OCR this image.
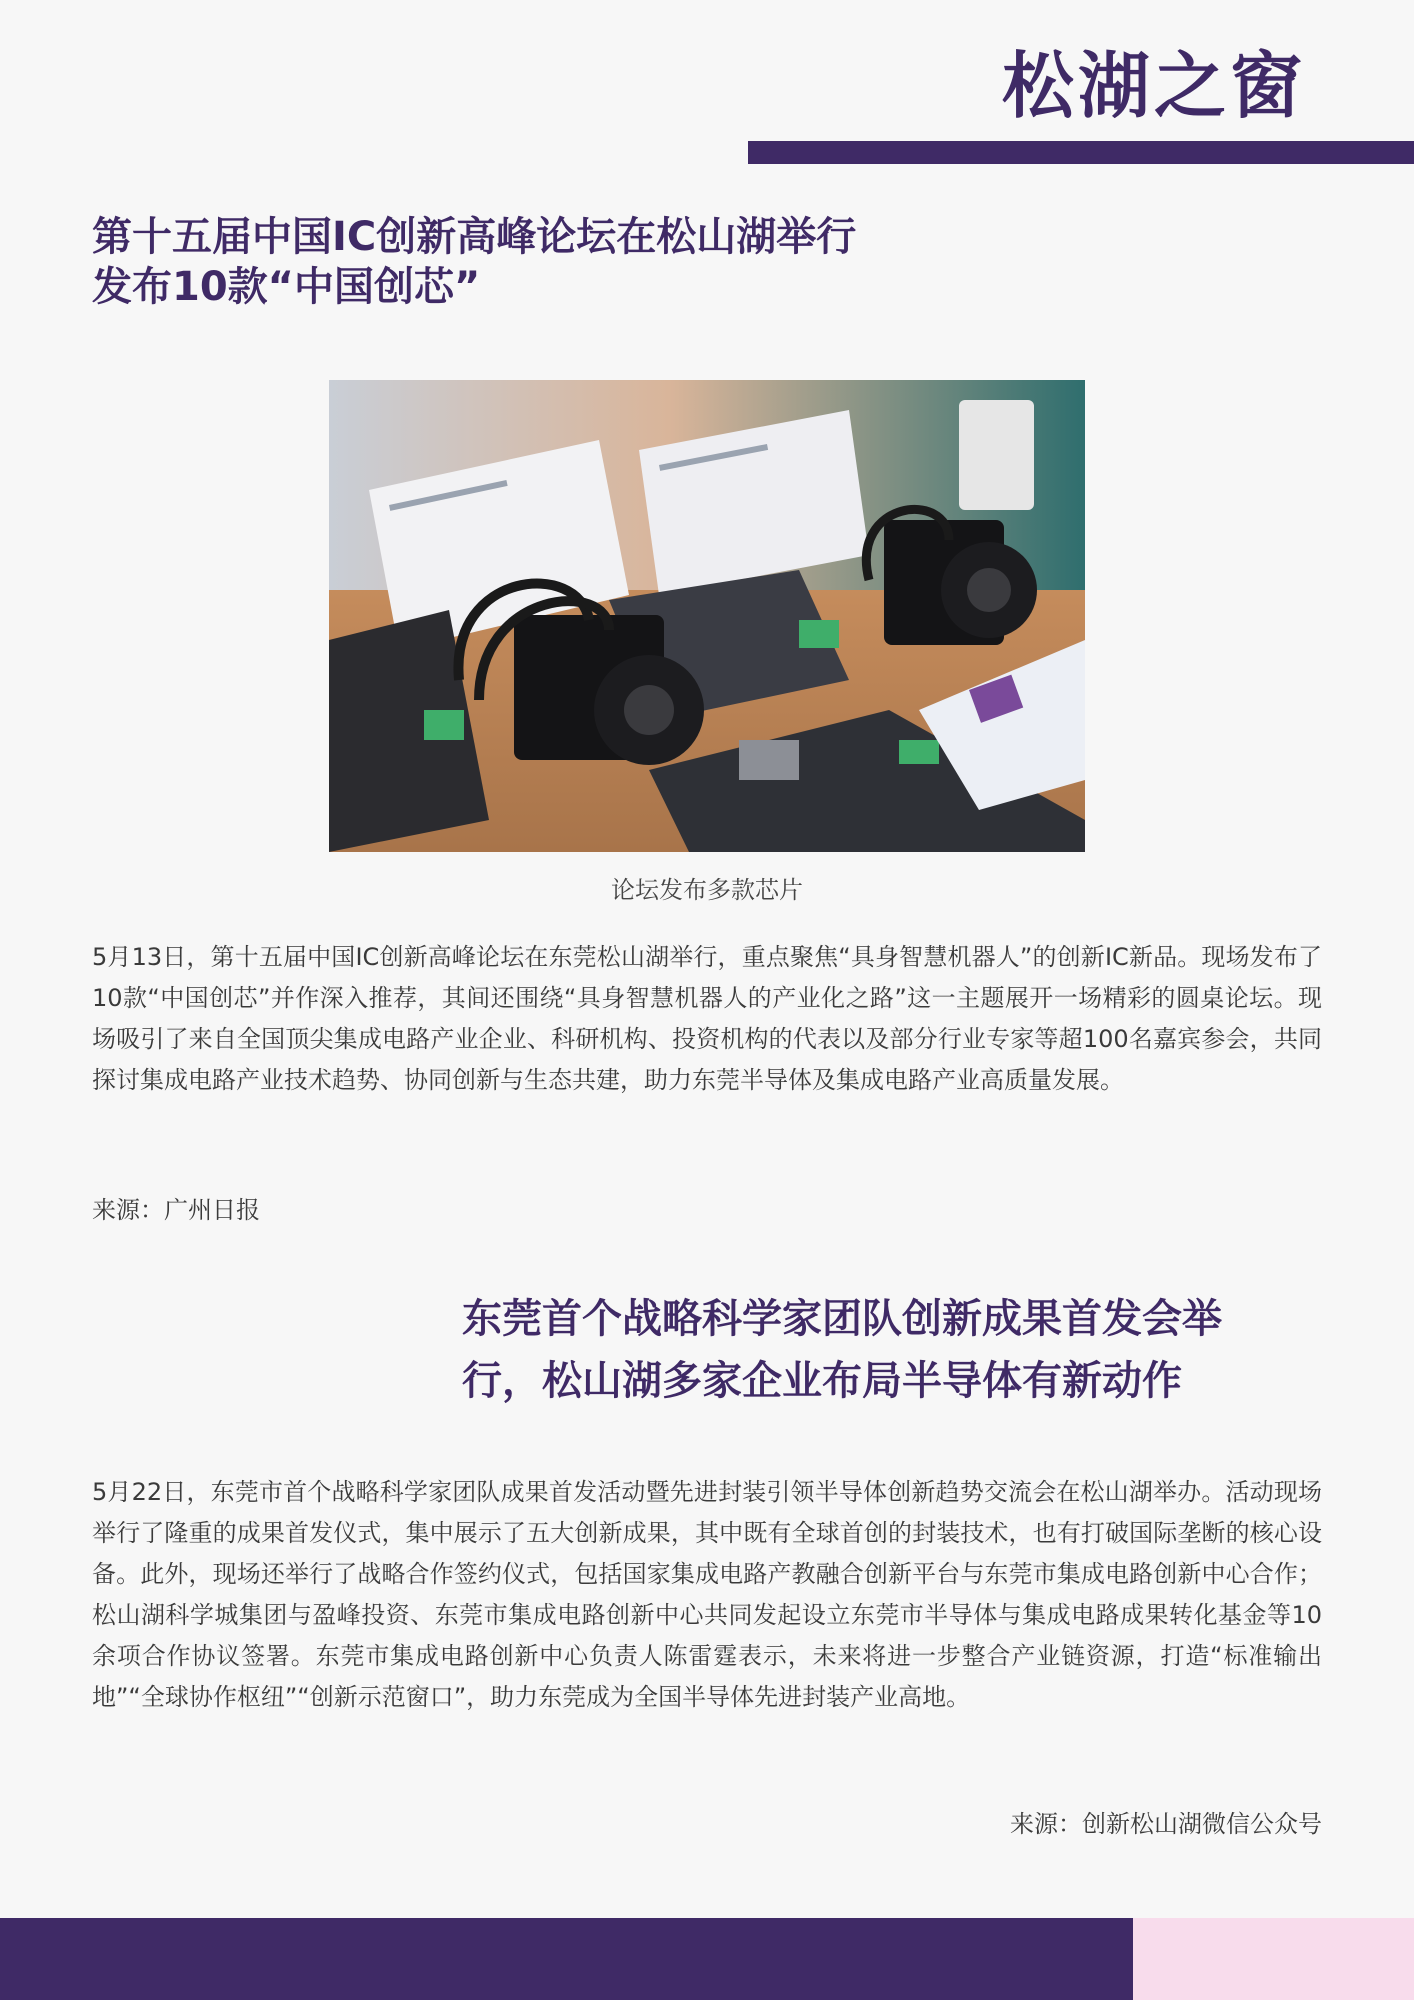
松湖之窗
第十五届中国IC创新高峰论坛在松山湖举行
发布10款“中国创芯”
论坛发布多款芯片

5月13日，第十五届中国IC创新高峰论坛在东莞松山湖举行，重点聚焦“具身智慧机器人”的创新IC新品。现场发布了10款“中国创芯”并作深入推荐，其间还围绕“具身智慧机器人的产业化之路”这一主题展开一场精彩的圆桌论坛。现场吸引了来自全国顶尖集成电路产业企业、科研机构、投资机构的代表以及部分行业专家等超100名嘉宾参会，共同探讨集成电路产业技术趋势、协同创新与生态共建，助力东莞半导体及集成电路产业高质量发展。

来源：广州日报
东莞首个战略科学家团队创新成果首发会举
行，松山湖多家企业布局半导体有新动作

5月22日，东莞市首个战略科学家团队成果首发活动暨先进封装引领半导体创新趋势交流会在松山湖举办。活动现场举行了隆重的成果首发仪式，集中展示了五大创新成果，其中既有全球首创的封装技术，也有打破国际垄断的核心设备。此外，现场还举行了战略合作签约仪式，包括国家集成电路产教融合创新平台与东莞市集成电路创新中心合作；松山湖科学城集团与盈峰投资、东莞市集成电路创新中心共同发起设立东莞市半导体与集成电路成果转化基金等10余项合作协议签署。东莞市集成电路创新中心负责人陈雷霆表示，未来将进一步整合产业链资源，打造“标准输出地”“全球协作枢纽”“创新示范窗口”，助力东莞成为全国半导体先进封装产业高地。

来源：创新松山湖微信公众号
